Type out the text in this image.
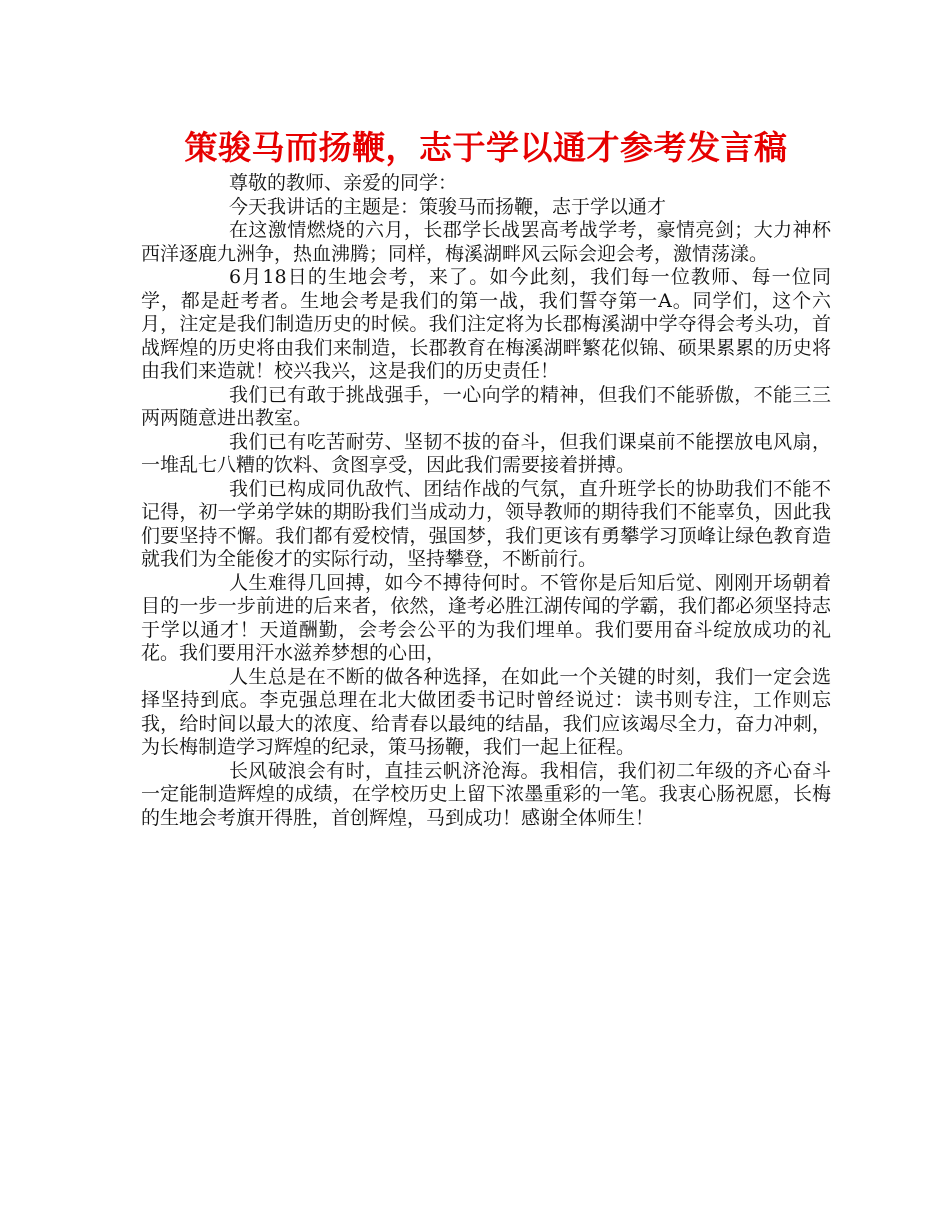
策骏马而扬鞭，志于学以通才参考发言稿

尊敬的教师、亲爱的同学：

今天我讲话的主题是：策骏马而扬鞭，志于学以通才

在这激情燃烧的六月，长郡学长战罢高考战学考，豪情亮剑；大力神杯西洋逐鹿九洲争，热血沸腾；同样，梅溪湖畔风云际会迎会考，激情荡漾。

6月18日的生地会考，来了。如今此刻，我们每一位教师、每一位同学，都是赶考者。生地会考是我们的第一战，我们誓夺第一A。同学们，这个六月，注定是我们制造历史的时候。我们注定将为长郡梅溪湖中学夺得会考头功，首战辉煌的历史将由我们来制造，长郡教育在梅溪湖畔繁花似锦、硕果累累的历史将由我们来造就！校兴我兴，这是我们的历史责任！

我们已有敢于挑战强手，一心向学的精神，但我们不能骄傲，不能三三两两随意进出教室。

我们已有吃苦耐劳、坚韧不拔的奋斗，但我们课桌前不能摆放电风扇，一堆乱七八糟的饮料、贪图享受，因此我们需要接着拼搏。

我们已构成同仇敌忾、团结作战的气氛，直升班学长的协助我们不能不记得，初一学弟学妹的期盼我们当成动力，领导教师的期待我们不能辜负，因此我们要坚持不懈。我们都有爱校情，强国梦，我们更该有勇攀学习顶峰让绿色教育造就我们为全能俊才的实际行动，坚持攀登，不断前行。

人生难得几回搏，如今不搏待何时。不管你是后知后觉、刚刚开场朝着目的一步一步前进的后来者，依然，逢考必胜江湖传闻的学霸，我们都必须坚持志于学以通才！天道酬勤，会考会公平的为我们埋单。我们要用奋斗绽放成功的礼花。我们要用汗水滋养梦想的心田，

人生总是在不断的做各种选择，在如此一个关键的时刻，我们一定会选择坚持到底。李克强总理在北大做团委书记时曾经说过：读书则专注，工作则忘我，给时间以最大的浓度、给青春以最纯的结晶，我们应该竭尽全力，奋力冲刺，为长梅制造学习辉煌的纪录，策马扬鞭，我们一起上征程。

长风破浪会有时，直挂云帆济沧海。我相信，我们初二年级的齐心奋斗一定能制造辉煌的成绩，在学校历史上留下浓墨重彩的一笔。我衷心肠祝愿，长梅的生地会考旗开得胜，首创辉煌，马到成功！感谢全体师生！
